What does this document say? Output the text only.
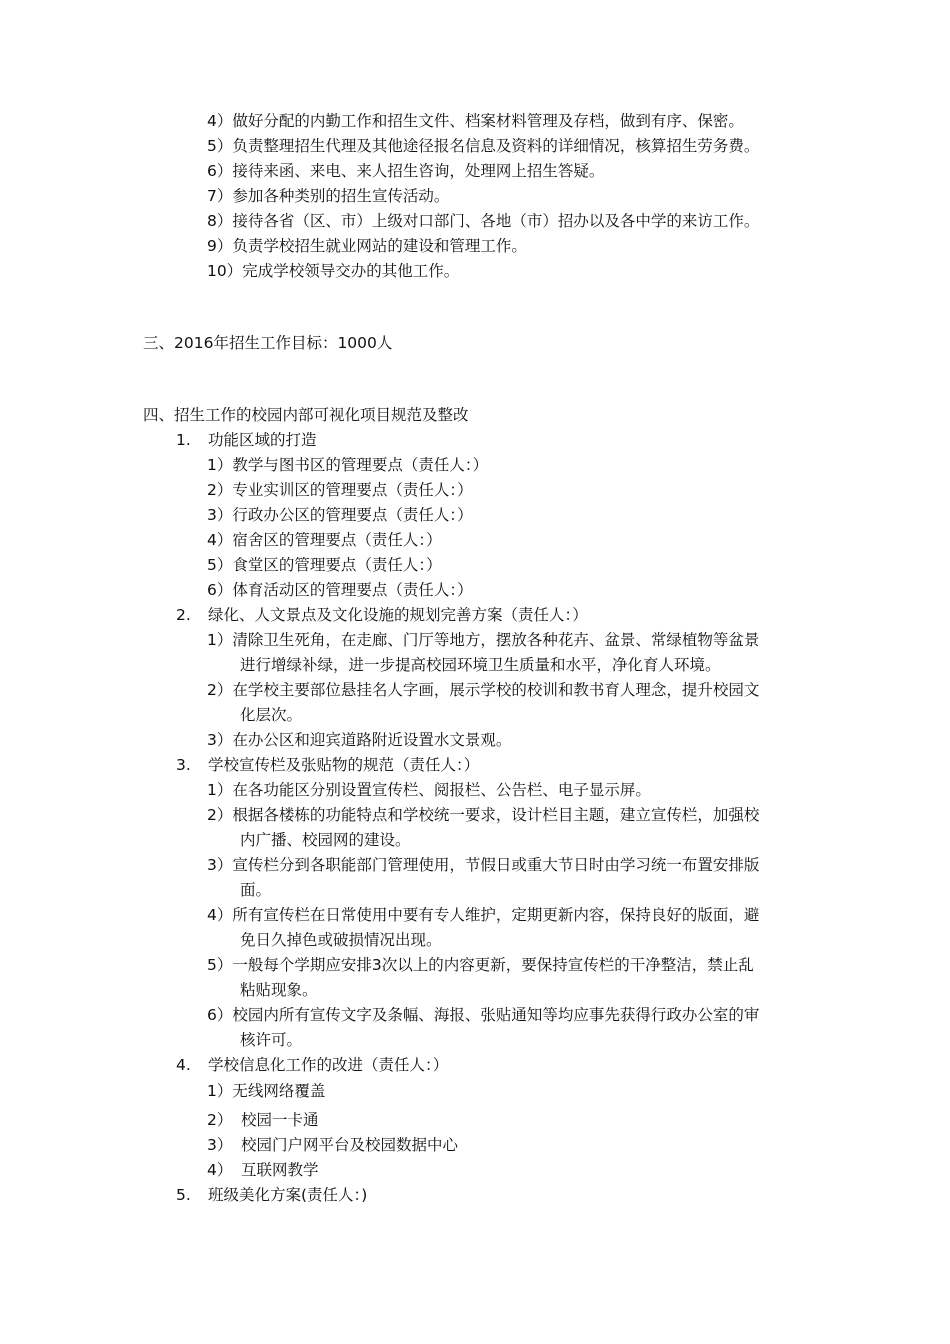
4）做好分配的内勤工作和招生文件、档案材料管理及存档，做到有序、保密。
5）负责整理招生代理及其他途径报名信息及资料的详细情况，核算招生劳务费。
6）接待来函、来电、来人招生咨询，处理网上招生答疑。
7）参加各种类别的招生宣传活动。
8）接待各省（区、市）上级对口部门、各地（市）招办以及各中学的来访工作。
9）负责学校招生就业网站的建设和管理工作。
10）完成学校领导交办的其他工作。
三、2016年招生工作目标：1000人
四、招生工作的校园内部可视化项目规范及整改
1. 功能区域的打造
1）教学与图书区的管理要点（责任人：）
2）专业实训区的管理要点（责任人：）
3）行政办公区的管理要点（责任人：）
4）宿舍区的管理要点（责任人：）
5）食堂区的管理要点（责任人：）
6）体育活动区的管理要点（责任人：）
2. 绿化、人文景点及文化设施的规划完善方案（责任人：）
1）清除卫生死角，在走廊、门厅等地方，摆放各种花卉、盆景、常绿植物等盆景
进行增绿补绿，进一步提高校园环境卫生质量和水平，净化育人环境。
2）在学校主要部位悬挂名人字画，展示学校的校训和教书育人理念，提升校园文
化层次。
3）在办公区和迎宾道路附近设置水文景观。
3. 学校宣传栏及张贴物的规范（责任人：）
1）在各功能区分别设置宣传栏、阅报栏、公告栏、电子显示屏。
2）根据各楼栋的功能特点和学校统一要求，设计栏目主题，建立宣传栏，加强校
内广播、校园网的建设。
3）宣传栏分到各职能部门管理使用，节假日或重大节日时由学习统一布置安排版
面。
4）所有宣传栏在日常使用中要有专人维护，定期更新内容，保持良好的版面，避
免日久掉色或破损情况出现。
5）一般每个学期应安排3次以上的内容更新，要保持宣传栏的干净整洁，禁止乱
粘贴现象。
6）校园内所有宣传文字及条幅、海报、张贴通知等均应事先获得行政办公室的审
核许可。
4. 学校信息化工作的改进（责任人：）
1）无线网络覆盖
2） 校园一卡通
3） 校园门户网平台及校园数据中心
4） 互联网教学
5. 班级美化方案(责任人：)
